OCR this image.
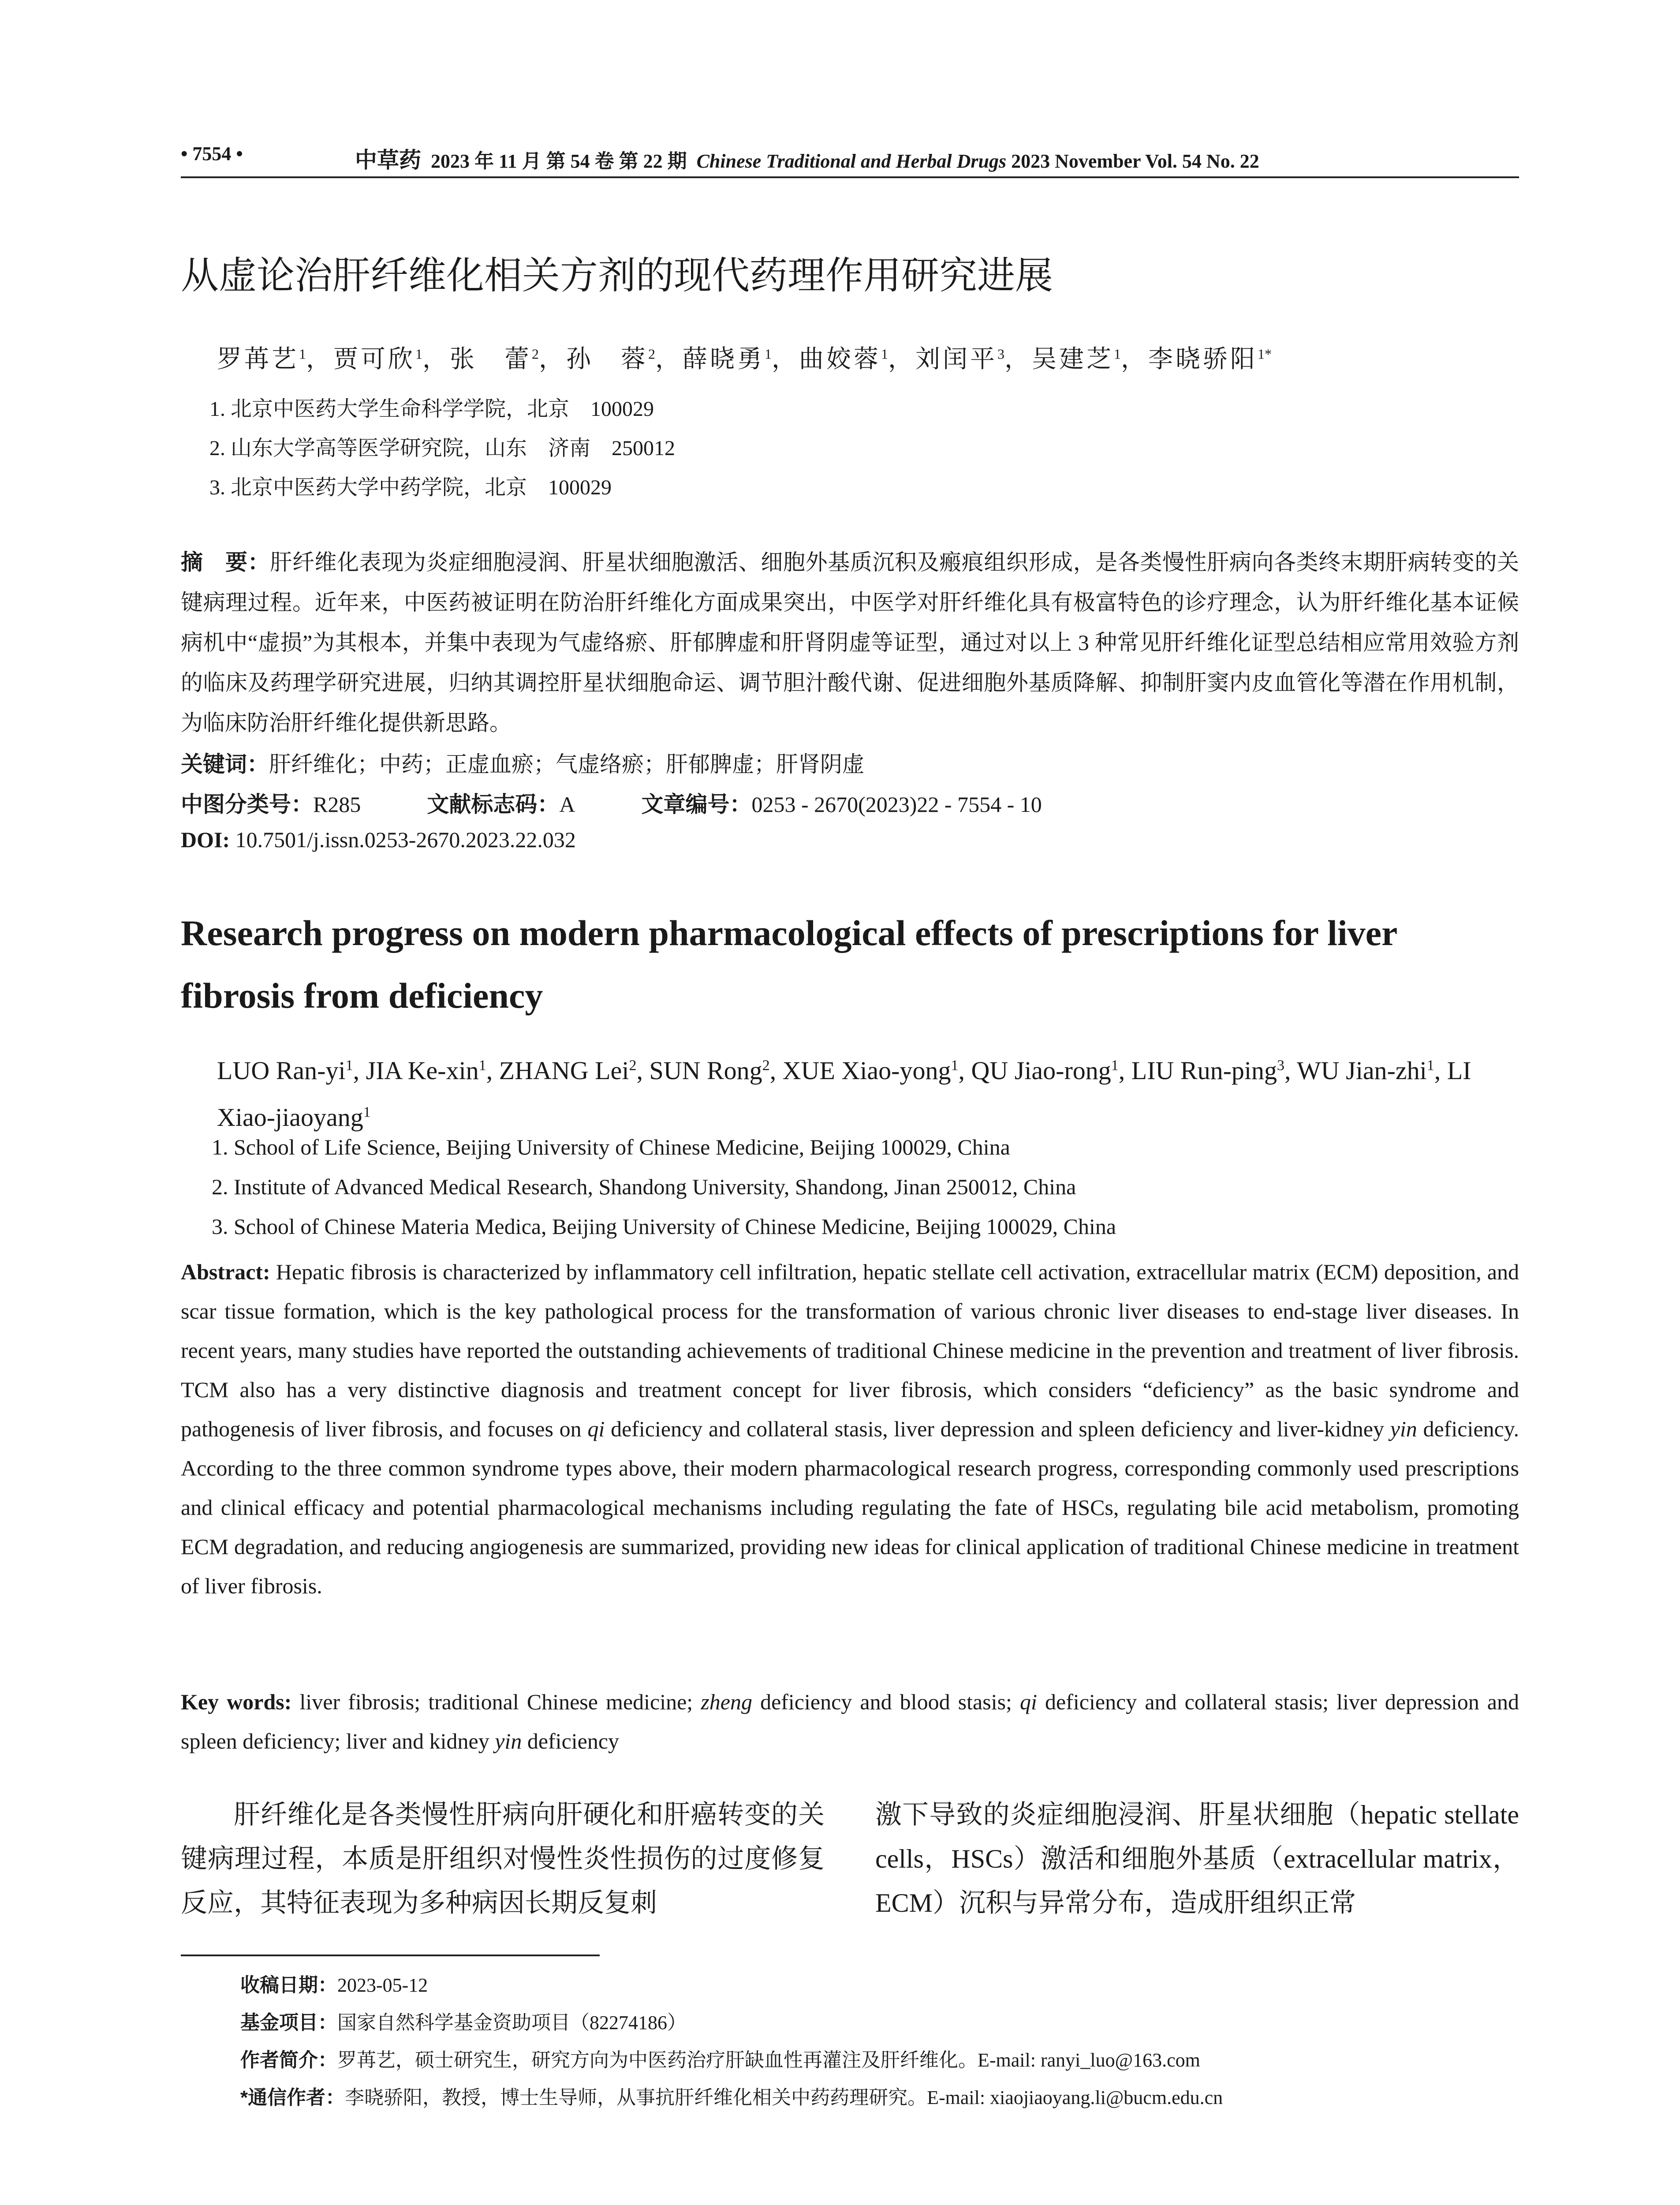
• 7554 •	中草药 2023 年 11 月 第 54 卷 第 22 期 Chinese Traditional and Herbal Drugs 2023 November Vol. 54 No. 22
从虚论治肝纤维化相关方剂的现代药理作用研究进展
罗苒艺$^1$，贾可欣$^1$，张　蕾$^2$，孙　蓉$^2$，薛晓勇$^1$，曲姣蓉$^1$，刘闰平$^3$，吴建芝$^1$，李晓骄阳$^{1*}$
1. 北京中医药大学生命科学学院，北京　100029
2. 山东大学高等医学研究院，山东　济南　250012
3. 北京中医药大学中药学院，北京　100029
摘　要：肝纤维化表现为炎症细胞浸润、肝星状细胞激活、细胞外基质沉积及瘢痕组织形成，是各类慢性肝病向各类终末期肝病转变的关键病理过程。近年来，中医药被证明在防治肝纤维化方面成果突出，中医学对肝纤维化具有极富特色的诊疗理念，认为肝纤维化基本证候病机中“虚损”为其根本，并集中表现为气虚络瘀、肝郁脾虚和肝肾阴虚等证型，通过对以上 3 种常见肝纤维化证型总结相应常用效验方剂的临床及药理学研究进展，归纳其调控肝星状细胞命运、调节胆汁酸代谢、促进细胞外基质降解、抑制肝窦内皮血管化等潜在作用机制，为临床防治肝纤维化提供新思路。
关键词：肝纤维化；中药；正虚血瘀；气虚络瘀；肝郁脾虚；肝肾阴虚
中图分类号：R285	文献标志码：A	文章编号：0253 - 2670(2023)22 - 7554 - 10
DOI: 10.7501/j.issn.0253-2670.2023.22.032
Research progress on modern pharmacological effects of prescriptions for liver fibrosis from deficiency
LUO Ran-$yi^1$, JIA Ke-xin$^1$, ZHANG Lei$^2$, SUN Rong$^2$, XUE Xiao-yong$^1$, QU Jiao-rong$^1$, LIU Run-ping$^3$, WU Jian-zhi$^1$, LI Xiao-jiaoyang$^1$
1. School of Life Science, Beijing University of Chinese Medicine, Beijing 100029, China
2. Institute of Advanced Medical Research, Shandong University, Shandong, Jinan 250012, China
3. School of Chinese Materia Medica, Beijing University of Chinese Medicine, Beijing 100029, China
Abstract: Hepatic fibrosis is characterized by inflammatory cell infiltration, hepatic stellate cell activation, extracellular matrix (ECM) deposition, and scar tissue formation, which is the key pathological process for the transformation of various chronic liver diseases to end-stage liver diseases. In recent years, many studies have reported the outstanding achievements of traditional Chinese medicine in the prevention and treatment of liver fibrosis. TCM also has a very distinctive diagnosis and treatment concept for liver fibrosis, which considers “deficiency” as the basic syndrome and pathogenesis of liver fibrosis, and focuses on qi deficiency and collateral stasis, liver depression and spleen deficiency and liver-kidney yin deficiency. According to the three common syndrome types above, their modern pharmacological research progress, corresponding commonly used prescriptions and clinical efficacy and potential pharmacological mechanisms including regulating the fate of HSCs, regulating bile acid metabolism, promoting ECM degradation, and reducing angiogenesis are summarized, providing new ideas for clinical application of traditional Chinese medicine in treatment of liver fibrosis.
Key words: liver fibrosis; traditional Chinese medicine; zheng deficiency and blood stasis; qi deficiency and collateral stasis; liver depression and spleen deficiency; liver and kidney yin deficiency
肝纤维化是各类慢性肝病向肝硬化和肝癌转变的关键病理过程，本质是肝组织对慢性炎性损伤的过度修复反应，其特征表现为多种病因长期反复刺
激下导致的炎症细胞浸润、肝星状细胞（hepatic stellate cells，HSCs）激活和细胞外基质（extracellular matrix，ECM）沉积与异常分布，造成肝组织正常
收稿日期：2023-05-12
基金项目：国家自然科学基金资助项目（82274186）
作者简介：罗苒艺，硕士研究生，研究方向为中医药治疗肝缺血性再灌注及肝纤维化。E-mail: ranyi_luo@163.com
*通信作者：李晓骄阳，教授，博士生导师，从事抗肝纤维化相关中药药理研究。E-mail: xiaojiaoyang.li@bucm.edu.cn
